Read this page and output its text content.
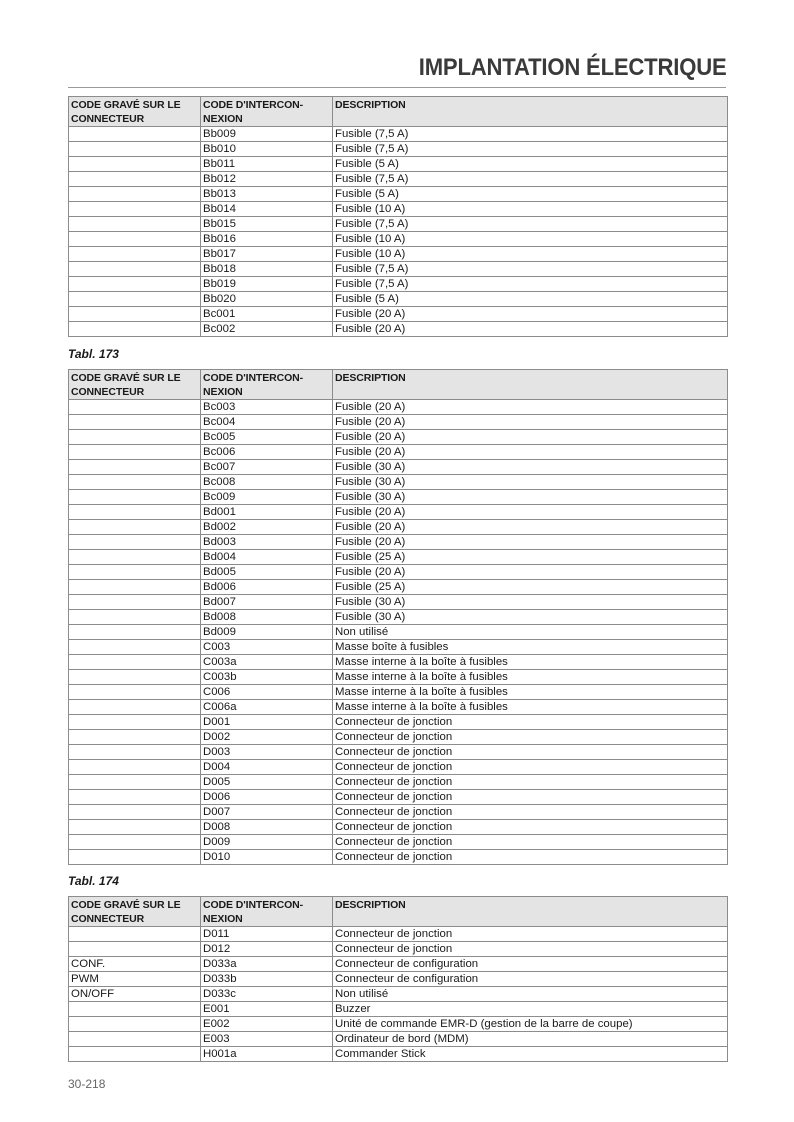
IMPLANTATION ÉLECTRIQUE
CODE GRAVÉ SUR LE CONNECTEUR	CODE D'INTERCON-NEXION	DESCRIPTION
	Bb009	Fusible (7,5 A)
	Bb010	Fusible (7,5 A)
	Bb011	Fusible (5 A)
	Bb012	Fusible (7,5 A)
	Bb013	Fusible (5 A)
	Bb014	Fusible (10 A)
	Bb015	Fusible (7,5 A)
	Bb016	Fusible (10 A)
	Bb017	Fusible (10 A)
	Bb018	Fusible (7,5 A)
	Bb019	Fusible (7,5 A)
	Bb020	Fusible (5 A)
	Bc001	Fusible (20 A)
	Bc002	Fusible (20 A)
Tabl. 173
CODE GRAVÉ SUR LE CONNECTEUR	CODE D'INTERCON-NEXION	DESCRIPTION
	Bc003	Fusible (20 A)
	Bc004	Fusible (20 A)
	Bc005	Fusible (20 A)
	Bc006	Fusible (20 A)
	Bc007	Fusible (30 A)
	Bc008	Fusible (30 A)
	Bc009	Fusible (30 A)
	Bd001	Fusible (20 A)
	Bd002	Fusible (20 A)
	Bd003	Fusible (20 A)
	Bd004	Fusible (25 A)
	Bd005	Fusible (20 A)
	Bd006	Fusible (25 A)
	Bd007	Fusible (30 A)
	Bd008	Fusible (30 A)
	Bd009	Non utilisé
	C003	Masse boîte à fusibles
	C003a	Masse interne à la boîte à fusibles
	C003b	Masse interne à la boîte à fusibles
	C006	Masse interne à la boîte à fusibles
	C006a	Masse interne à la boîte à fusibles
	D001	Connecteur de jonction
	D002	Connecteur de jonction
	D003	Connecteur de jonction
	D004	Connecteur de jonction
	D005	Connecteur de jonction
	D006	Connecteur de jonction
	D007	Connecteur de jonction
	D008	Connecteur de jonction
	D009	Connecteur de jonction
	D010	Connecteur de jonction
Tabl. 174
CODE GRAVÉ SUR LE CONNECTEUR	CODE D'INTERCON-NEXION	DESCRIPTION
	D011	Connecteur de jonction
	D012	Connecteur de jonction
CONF.	D033a	Connecteur de configuration
PWM	D033b	Connecteur de configuration
ON/OFF	D033c	Non utilisé
	E001	Buzzer
	E002	Unité de commande EMR-D (gestion de la barre de coupe)
	E003	Ordinateur de bord (MDM)
	H001a	Commander Stick
30-218
